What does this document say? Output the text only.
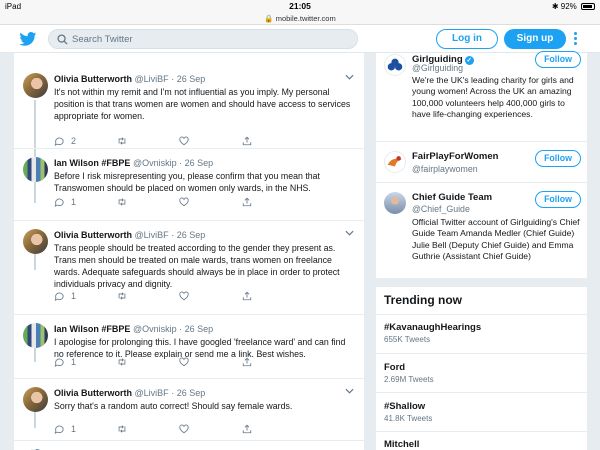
iPad	21:05	✱ 92%
🔒 mobile.twitter.com
Search Twitter
Log in	Sign up
Olivia Butterworth @LiviBF · 26 Sep
It's not within my remit and I'm not influential as you imply. My personal position is that trans women are women and should have access to services appropriate for women.
2
Ian Wilson #FBPE @Ovniskip · 26 Sep
Before I risk misrepresenting you, please confirm that you mean that Transwomen should be placed on women only wards, in the NHS.
1
Olivia Butterworth @LiviBF · 26 Sep
Trans people should be treated according to the gender they present as. Trans men should be treated on male wards, trans women on freelance wards. Adequate safeguards should always be in place in order to protect individuals privacy and dignity.
1
Ian Wilson #FBPE @Ovniskip · 26 Sep
I apologise for prolonging this. I have googled 'freelance ward' and can find no reference to it. Please explain or send me a link. Best wishes.
1
Olivia Butterworth @LiviBF · 26 Sep
Sorry that's a random auto correct! Should say female wards.
1
Girlguiding ✓
@Girlguiding
Follow
We're the UK's leading charity for girls and young women! Across the UK an amazing 100,000 volunteers help 400,000 girls to have life-changing experiences.
FairPlayForWomen
@fairplaywomen
Follow
Chief Guide Team
@Chief_Guide
Follow
Official Twitter account of Girlguiding's Chief Guide Team Amanda Medler (Chief Guide) Julie Bell (Deputy Chief Guide) and Emma Guthrie (Assistant Chief Guide)
Trending now
#KavanaughHearings
655K Tweets
Ford
2.69M Tweets
#Shallow
41.8K Tweets
Mitchell
